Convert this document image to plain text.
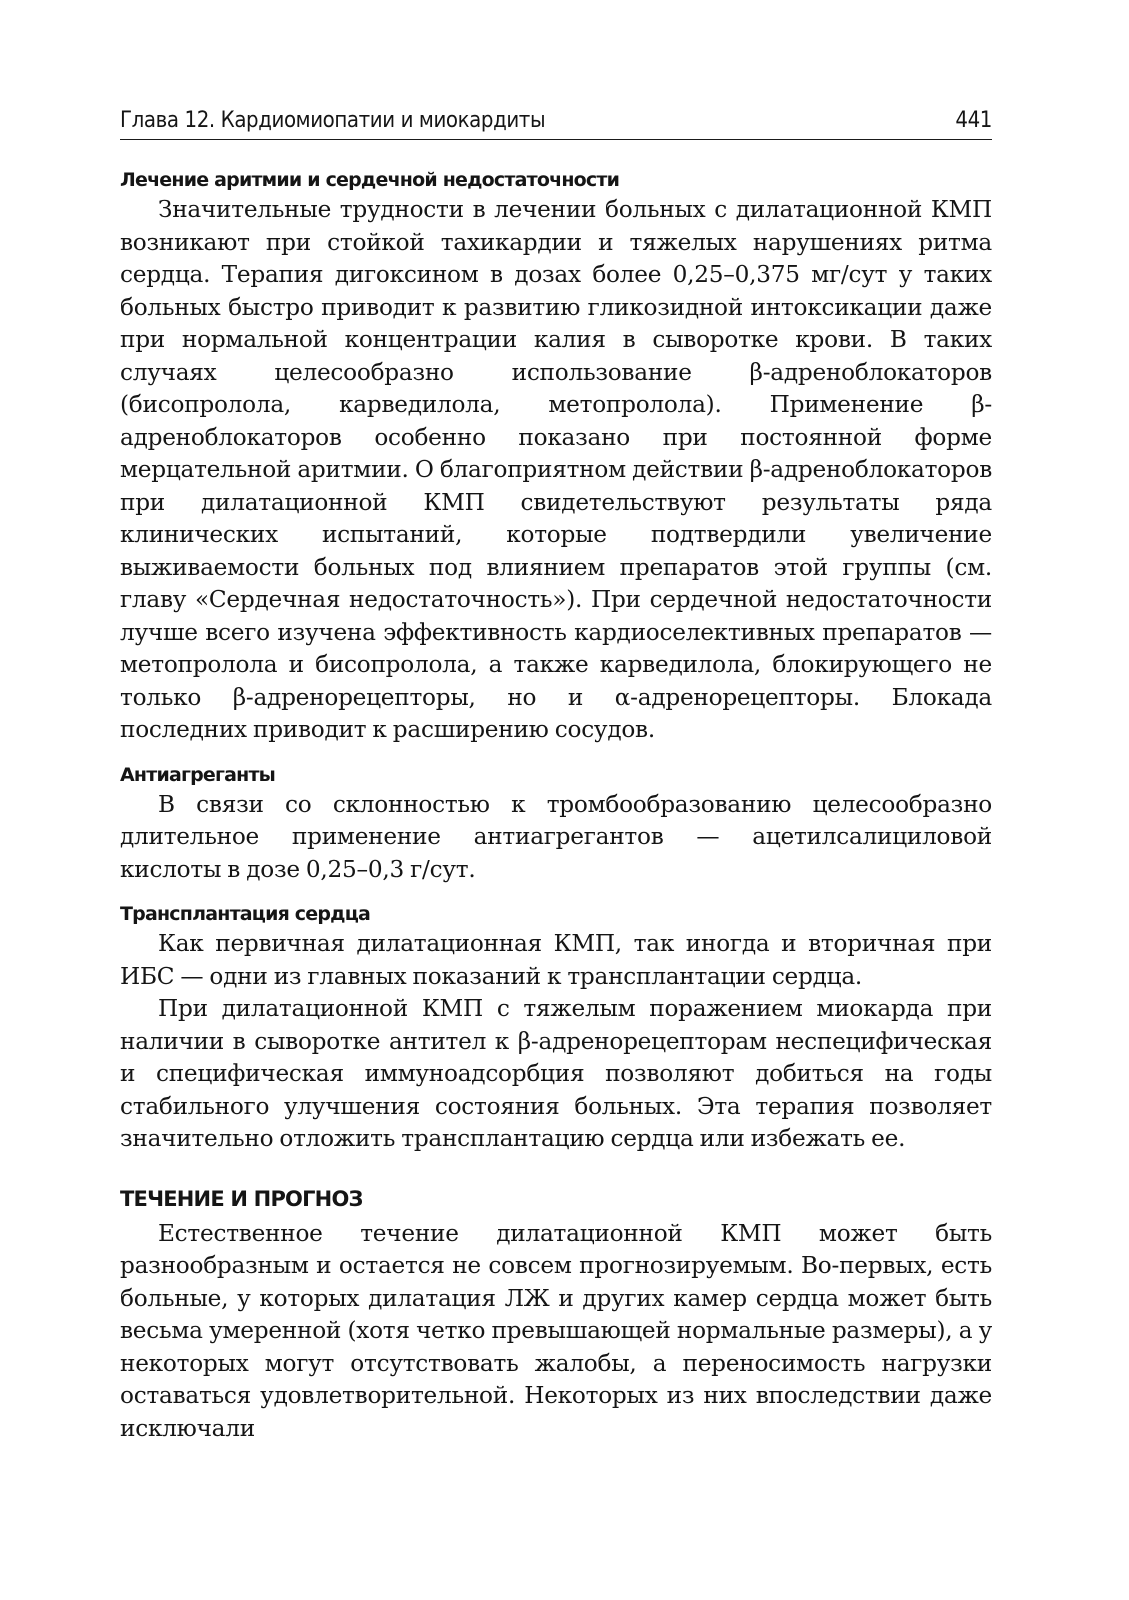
Глава 12. Кардиомиопатии и миокардиты	441
Лечение аритмии и сердечной недостаточности

Значительные трудности в лечении больных с дилатационной КМП возникают при стойкой тахикардии и тяжелых нарушениях ритма сердца. Терапия дигоксином в дозах более 0,25–0,375 мг/сут у таких больных быстро приводит к развитию гликозидной интоксикации даже при нормальной концентрации калия в сыворотке крови. В таких случаях целесообразно использование β-адреноблокаторов (бисопролола, карведилола, метопролола). Применение β-адреноблокаторов особенно показано при постоянной форме мерцательной аритмии. О благоприятном действии β-адреноблокаторов при дилатационной КМП свидетельствуют результаты ряда клинических испытаний, которые подтвердили увеличение выживаемости больных под влиянием препаратов этой группы (см. главу «Сердечная недостаточность»). При сердечной недостаточности лучше всего изучена эффективность кардиоселективных препаратов — метопролола и бисопролола, а также карведилола, блокирующего не только β-адренорецепторы, но и α-адренорецепторы. Блокада последних приводит к расширению сосудов.

Антиагреганты

В связи со склонностью к тромбообразованию целесообразно длительное применение антиагрегантов — ацетилсалициловой кислоты в дозе 0,25–0,3 г/сут.

Трансплантация сердца

Как первичная дилатационная КМП, так иногда и вторичная при ИБС — одни из главных показаний к трансплантации сердца.

При дилатационной КМП с тяжелым поражением миокарда при наличии в сыворотке антител к β-адренорецепторам неспецифическая и специфическая иммуноадсорбция позволяют добиться на годы стабильного улучшения состояния больных. Эта терапия позволяет значительно отложить трансплантацию сердца или избежать ее.

ТЕЧЕНИЕ И ПРОГНОЗ

Естественное течение дилатационной КМП может быть разнообразным и остается не совсем прогнозируемым. Во-первых, есть больные, у которых дилатация ЛЖ и других камер сердца может быть весьма умеренной (хотя четко превышающей нормальные размеры), а у некоторых могут отсутствовать жалобы, а переносимость нагрузки оставаться удовлетворительной. Некоторых из них впоследствии даже исключали
